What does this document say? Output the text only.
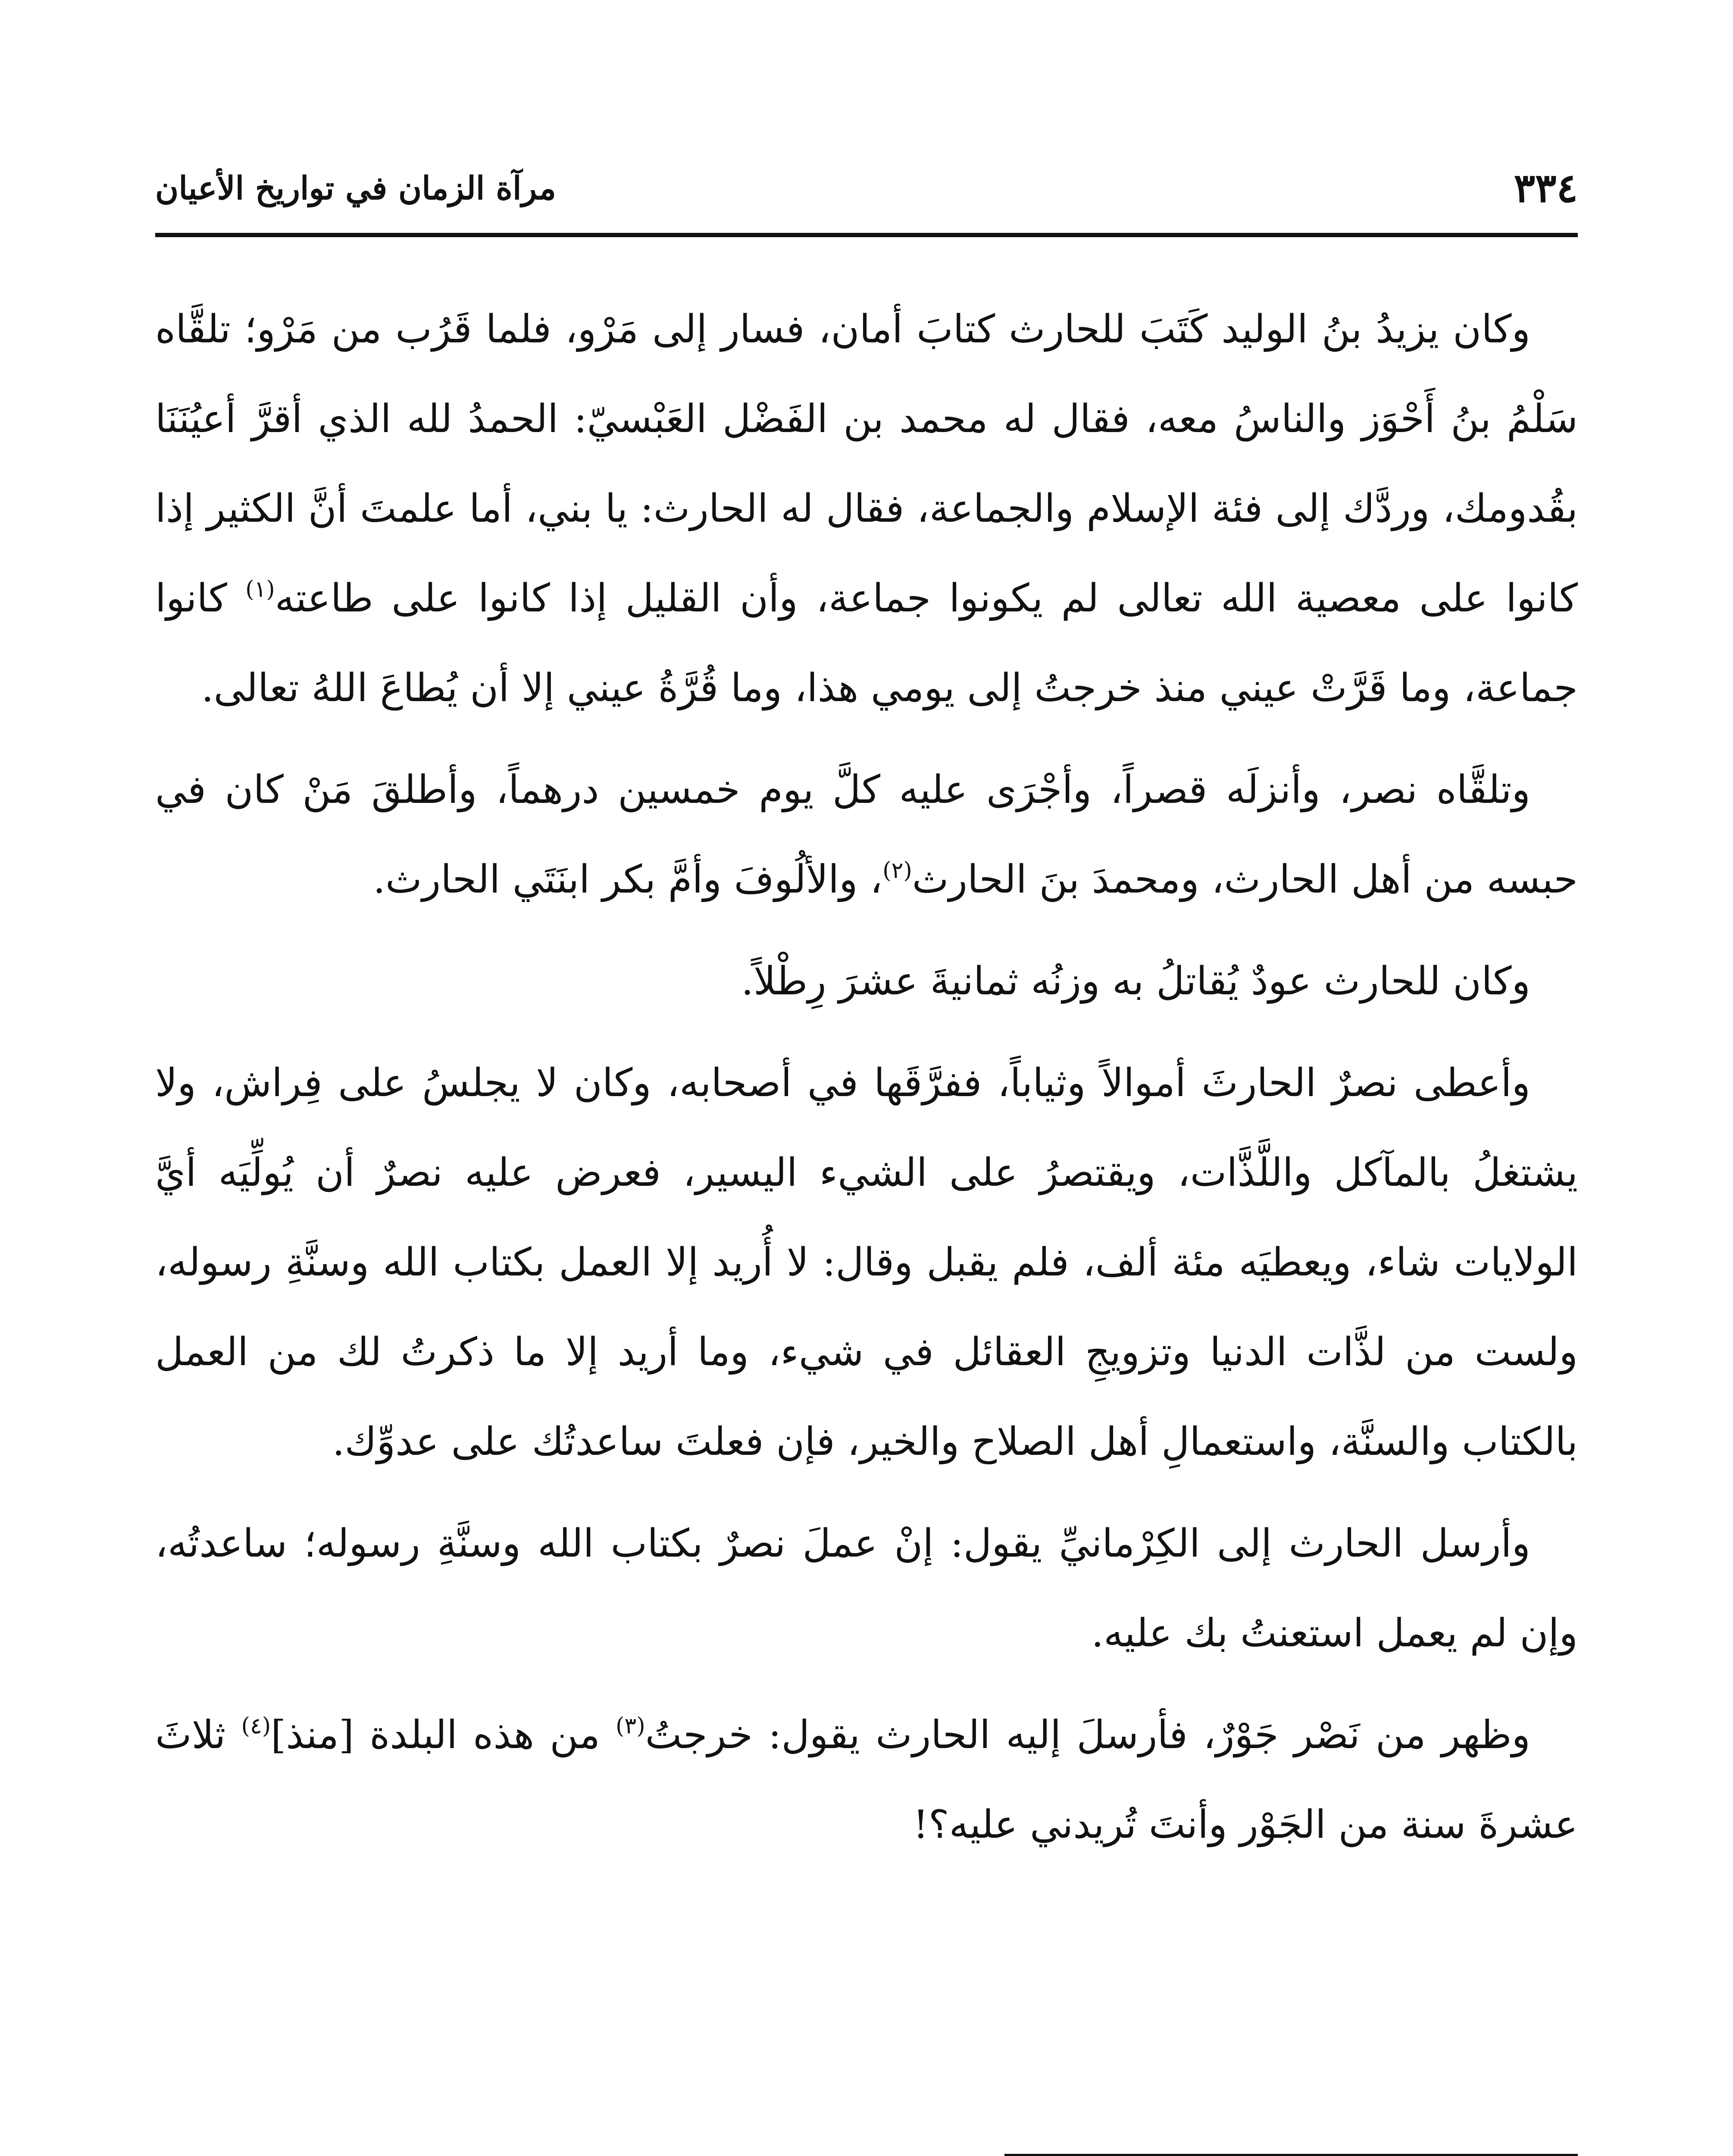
٣٣٤
مرآة الزمان في تواريخ الأعيان

وكان يزيدُ بنُ الوليد كَتَبَ للحارث كتابَ أمان، فسار إلى مَرْو، فلما قَرُب من مَرْو؛ تلقَّاه سَلْمُ بنُ أَحْوَز والناسُ معه، فقال له محمد بن الفَضْل العَبْسيّ: الحمدُ لله الذي أقرَّ أعيُنَنَا بقُدومك، وردَّك إلى فئة الإسلام والجماعة، فقال له الحارث: يا بني، أما علمتَ أنَّ الكثير إذا كانوا على معصية الله تعالى لم يكونوا جماعة، وأن القليل إذا كانوا على طاعته$^{(١)}$ كانوا جماعة، وما قَرَّتْ عيني منذ خرجتُ إلى يومي هذا، وما قُرَّةُ عيني إلا أن يُطاعَ اللهُ تعالى.

وتلقَّاه نصر، وأنزلَه قصراً، وأجْرَى عليه كلَّ يوم خمسين درهماً، وأطلقَ مَنْ كان في حبسه من أهل الحارث، ومحمدَ بنَ الحارث$^{(٢)}$، والألُوفَ وأمَّ بكر ابنَتَي الحارث.

وكان للحارث عودٌ يُقاتلُ به وزنُه ثمانيةَ عشرَ رِطْلاً.

وأعطى نصرٌ الحارثَ أموالاً وثياباً، ففرَّقَها في أصحابه، وكان لا يجلسُ على فِراش، ولا يشتغلُ بالمآكل واللَّذَّات، ويقتصرُ على الشيء اليسير، فعرض عليه نصرٌ أن يُولِّيَه أيَّ الولايات شاء، ويعطيَه مئة ألف، فلم يقبل وقال: لا أُريد إلا العمل بكتاب الله وسنَّةِ رسوله، ولست من لذَّات الدنيا وتزويجِ العقائل في شيء، وما أريد إلا ما ذكرتُ لك من العمل بالكتاب والسنَّة، واستعمالِ أهل الصلاح والخير، فإن فعلتَ ساعدتُك على عدوِّك.

وأرسل الحارث إلى الكِرْمانيِّ يقول: إنْ عملَ نصرٌ بكتاب الله وسنَّةِ رسوله؛ ساعدتُه، وإن لم يعمل استعنتُ بك عليه.

وظهر من نَصْر جَوْرٌ، فأرسلَ إليه الحارث يقول: خرجتُ$^{(٣)}$ من هذه البلدة [منذ]$^{(٤)}$ ثلاثَ عشرةَ سنة من الجَوْر وأنتَ تُريدني عليه؟!
